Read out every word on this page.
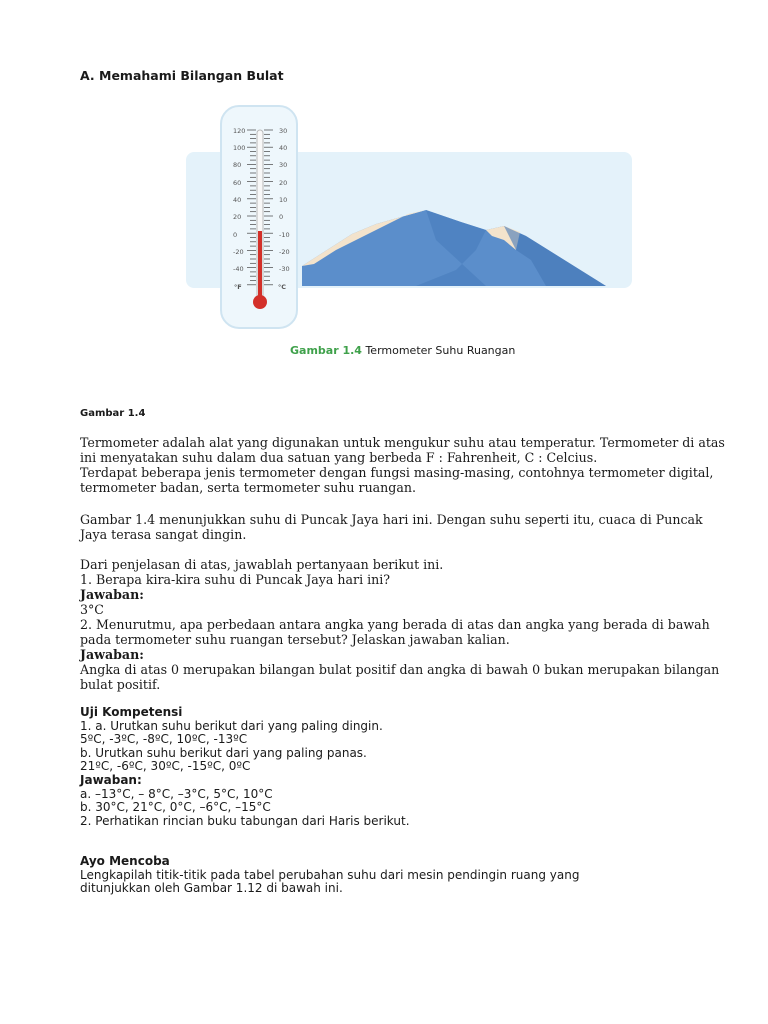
A. Memahami Bilangan Bulat
120
100
80
60
40
20
0
-20
-40
30
40
30
20
10
0
-10
-20
-30
°F	°C

Gambar 1.4 Termometer Suhu Ruangan

Gambar 1.4

Termometer adalah alat yang digunakan untuk mengukur suhu atau temperatur. Termometer di atas
ini menyatakan suhu dalam dua satuan yang berbeda F : Fahrenheit, C : Celcius.
Terdapat beberapa jenis termometer dengan fungsi masing-masing, contohnya termometer digital,
termometer badan, serta termometer suhu ruangan.

Gambar 1.4 menunjukkan suhu di Puncak Jaya hari ini. Dengan suhu seperti itu, cuaca di Puncak
Jaya terasa sangat dingin.

Dari penjelasan di atas, jawablah pertanyaan berikut ini.
1. Berapa kira-kira suhu di Puncak Jaya hari ini?
Jawaban:
3°C
2. Menurutmu, apa perbedaan antara angka yang berada di atas dan angka yang berada di bawah
pada termometer suhu ruangan tersebut? Jelaskan jawaban kalian.
Jawaban:
Angka di atas 0 merupakan bilangan bulat positif dan angka di bawah 0 bukan merupakan bilangan
bulat positif.

Uji Kompetensi
1. a. Urutkan suhu berikut dari yang paling dingin.
5ºC, -3ºC, -8ºC, 10ºC, -13ºC
b. Urutkan suhu berikut dari yang paling panas.
21ºC, -6ºC, 30ºC, -15ºC, 0ºC
Jawaban:
a. –13°C, – 8°C, –3°C, 5°C, 10°C
b. 30°C, 21°C, 0°C, –6°C, –15°C
2. Perhatikan rincian buku tabungan dari Haris berikut.
Ayo Mencoba
Lengkapilah titik-titik pada tabel perubahan suhu dari mesin pendingin ruang yang
ditunjukkan oleh Gambar 1.12 di bawah ini.
